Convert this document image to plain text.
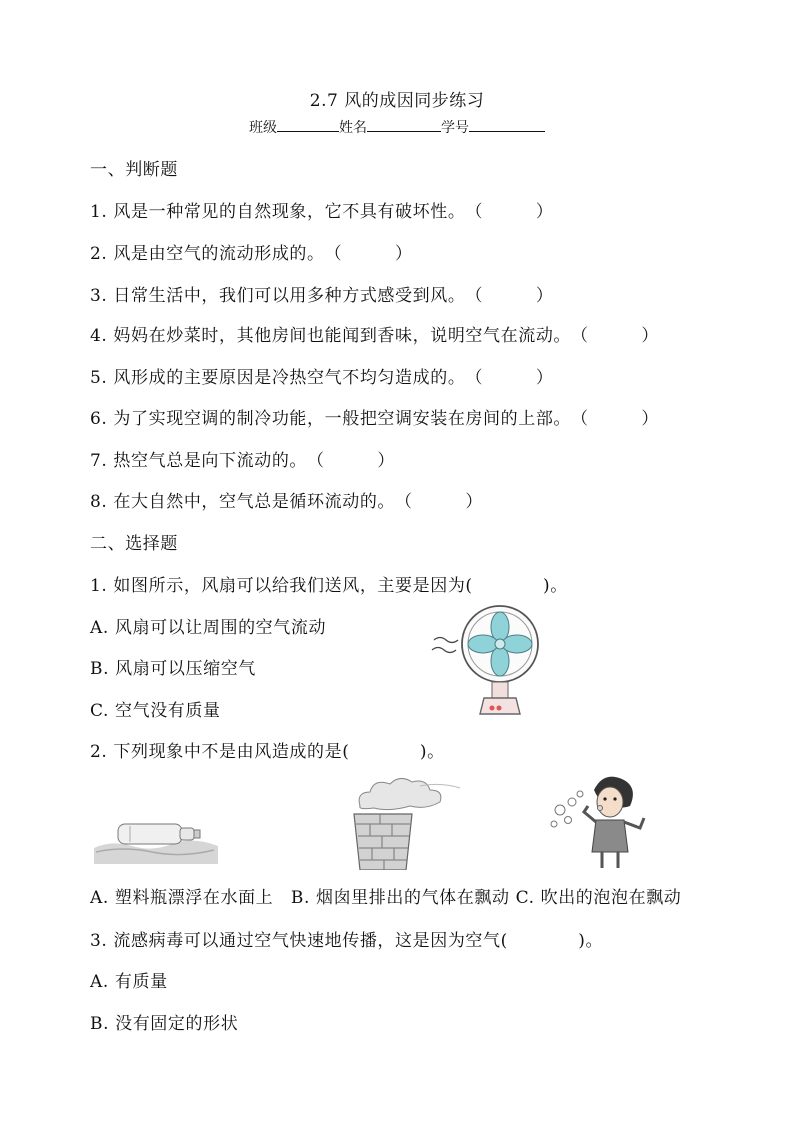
2.7 风的成因同步练习
班级	姓名	学号
一、判断题
1. 风是一种常见的自然现象，它不具有破坏性。（　　　）
2. 风是由空气的流动形成的。（　　　）
3. 日常生活中，我们可以用多种方式感受到风。（　　　）
4. 妈妈在炒菜时，其他房间也能闻到香味，说明空气在流动。（　　　）
5. 风形成的主要原因是冷热空气不均匀造成的。（　　　）
6. 为了实现空调的制冷功能，一般把空调安装在房间的上部。（　　　）
7. 热空气总是向下流动的。（　　　）
8. 在大自然中，空气总是循环流动的。（　　　）
二、选择题
1. 如图所示，风扇可以给我们送风，主要是因为(　　　　)。
A. 风扇可以让周围的空气流动
B. 风扇可以压缩空气
C. 空气没有质量
2. 下列现象中不是由风造成的是(　　　　)。
A. 塑料瓶漂浮在水面上　B. 烟囱里排出的气体在飘动 C. 吹出的泡泡在飘动
3. 流感病毒可以通过空气快速地传播，这是因为空气(　　　　)。
A. 有质量
B. 没有固定的形状
